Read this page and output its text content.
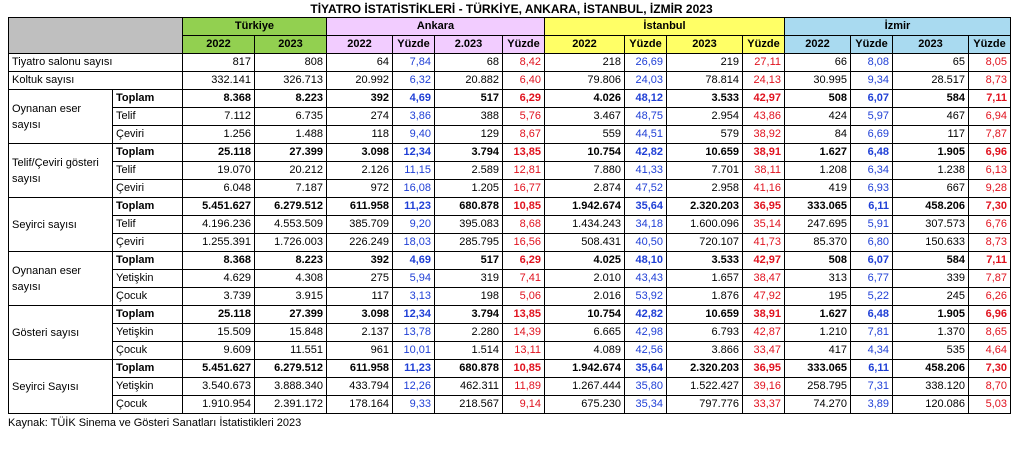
TİYATRO İSTATİSTİKLERİ - TÜRKİYE, ANKARA, İSTANBUL, İZMİR 2023
		Türkiye		Ankara				İstanbul				İzmir			
		2022	2023	2022	Yüzde	2.023	Yüzde	2022	Yüzde	2023	Yüzde	2022	Yüzde	2023	Yüzde
Tiyatro salonu sayısı		817	808	64	7,84	68	8,42	218	26,69	219	27,11	66	8,08	65	8,05
Koltuk sayısı		332.141	326.713	20.992	6,32	20.882	6,40	79.806	24,03	78.814	24,13	30.995	9,34	28.517	8,73
Oynanan eser sayısı	Toplam	8.368	8.223	392	4,69	517	6,29	4.026	48,12	3.533	42,97	508	6,07	584	7,11
	Telif	7.112	6.735	274	3,86	388	5,76	3.467	48,75	2.954	43,86	424	5,97	467	6,94
	Çeviri	1.256	1.488	118	9,40	129	8,67	559	44,51	579	38,92	84	6,69	117	7,87
Telif/Çeviri gösteri sayısı	Toplam	25.118	27.399	3.098	12,34	3.794	13,85	10.754	42,82	10.659	38,91	1.627	6,48	1.905	6,96
	Telif	19.070	20.212	2.126	11,15	2.589	12,81	7.880	41,33	7.701	38,11	1.208	6,34	1.238	6,13
	Çeviri	6.048	7.187	972	16,08	1.205	16,77	2.874	47,52	2.958	41,16	419	6,93	667	9,28
Seyirci sayısı	Toplam	5.451.627	6.279.512	611.958	11,23	680.878	10,85	1.942.674	35,64	2.320.203	36,95	333.065	6,11	458.206	7,30
	Telif	4.196.236	4.553.509	385.709	9,20	395.083	8,68	1.434.243	34,18	1.600.096	35,14	247.695	5,91	307.573	6,76
	Çeviri	1.255.391	1.726.003	226.249	18,03	285.795	16,56	508.431	40,50	720.107	41,73	85.370	6,80	150.633	8,73
Oynanan eser sayısı	Toplam	8.368	8.223	392	4,69	517	6,29	4.025	48,10	3.533	42,97	508	6,07	584	7,11
	Yetişkin	4.629	4.308	275	5,94	319	7,41	2.010	43,43	1.657	38,47	313	6,77	339	7,87
	Çocuk	3.739	3.915	117	3,13	198	5,06	2.016	53,92	1.876	47,92	195	5,22	245	6,26
Gösteri sayısı	Toplam	25.118	27.399	3.098	12,34	3.794	13,85	10.754	42,82	10.659	38,91	1.627	6,48	1.905	6,96
	Yetişkin	15.509	15.848	2.137	13,78	2.280	14,39	6.665	42,98	6.793	42,87	1.210	7,81	1.370	8,65
	Çocuk	9.609	11.551	961	10,01	1.514	13,11	4.089	42,56	3.866	33,47	417	4,34	535	4,64
Seyirci Sayısı	Toplam	5.451.627	6.279.512	611.958	11,23	680.878	10,85	1.942.674	35,64	2.320.203	36,95	333.065	6,11	458.206	7,30
	Yetişkin	3.540.673	3.888.340	433.794	12,26	462.311	11,89	1.267.444	35,80	1.522.427	39,16	258.795	7,31	338.120	8,70
	Çocuk	1.910.954	2.391.172	178.164	9,33	218.567	9,14	675.230	35,34	797.776	33,37	74.270	3,89	120.086	5,03
Kaynak: TÜİK Sinema ve Gösteri Sanatları İstatistikleri 2023
